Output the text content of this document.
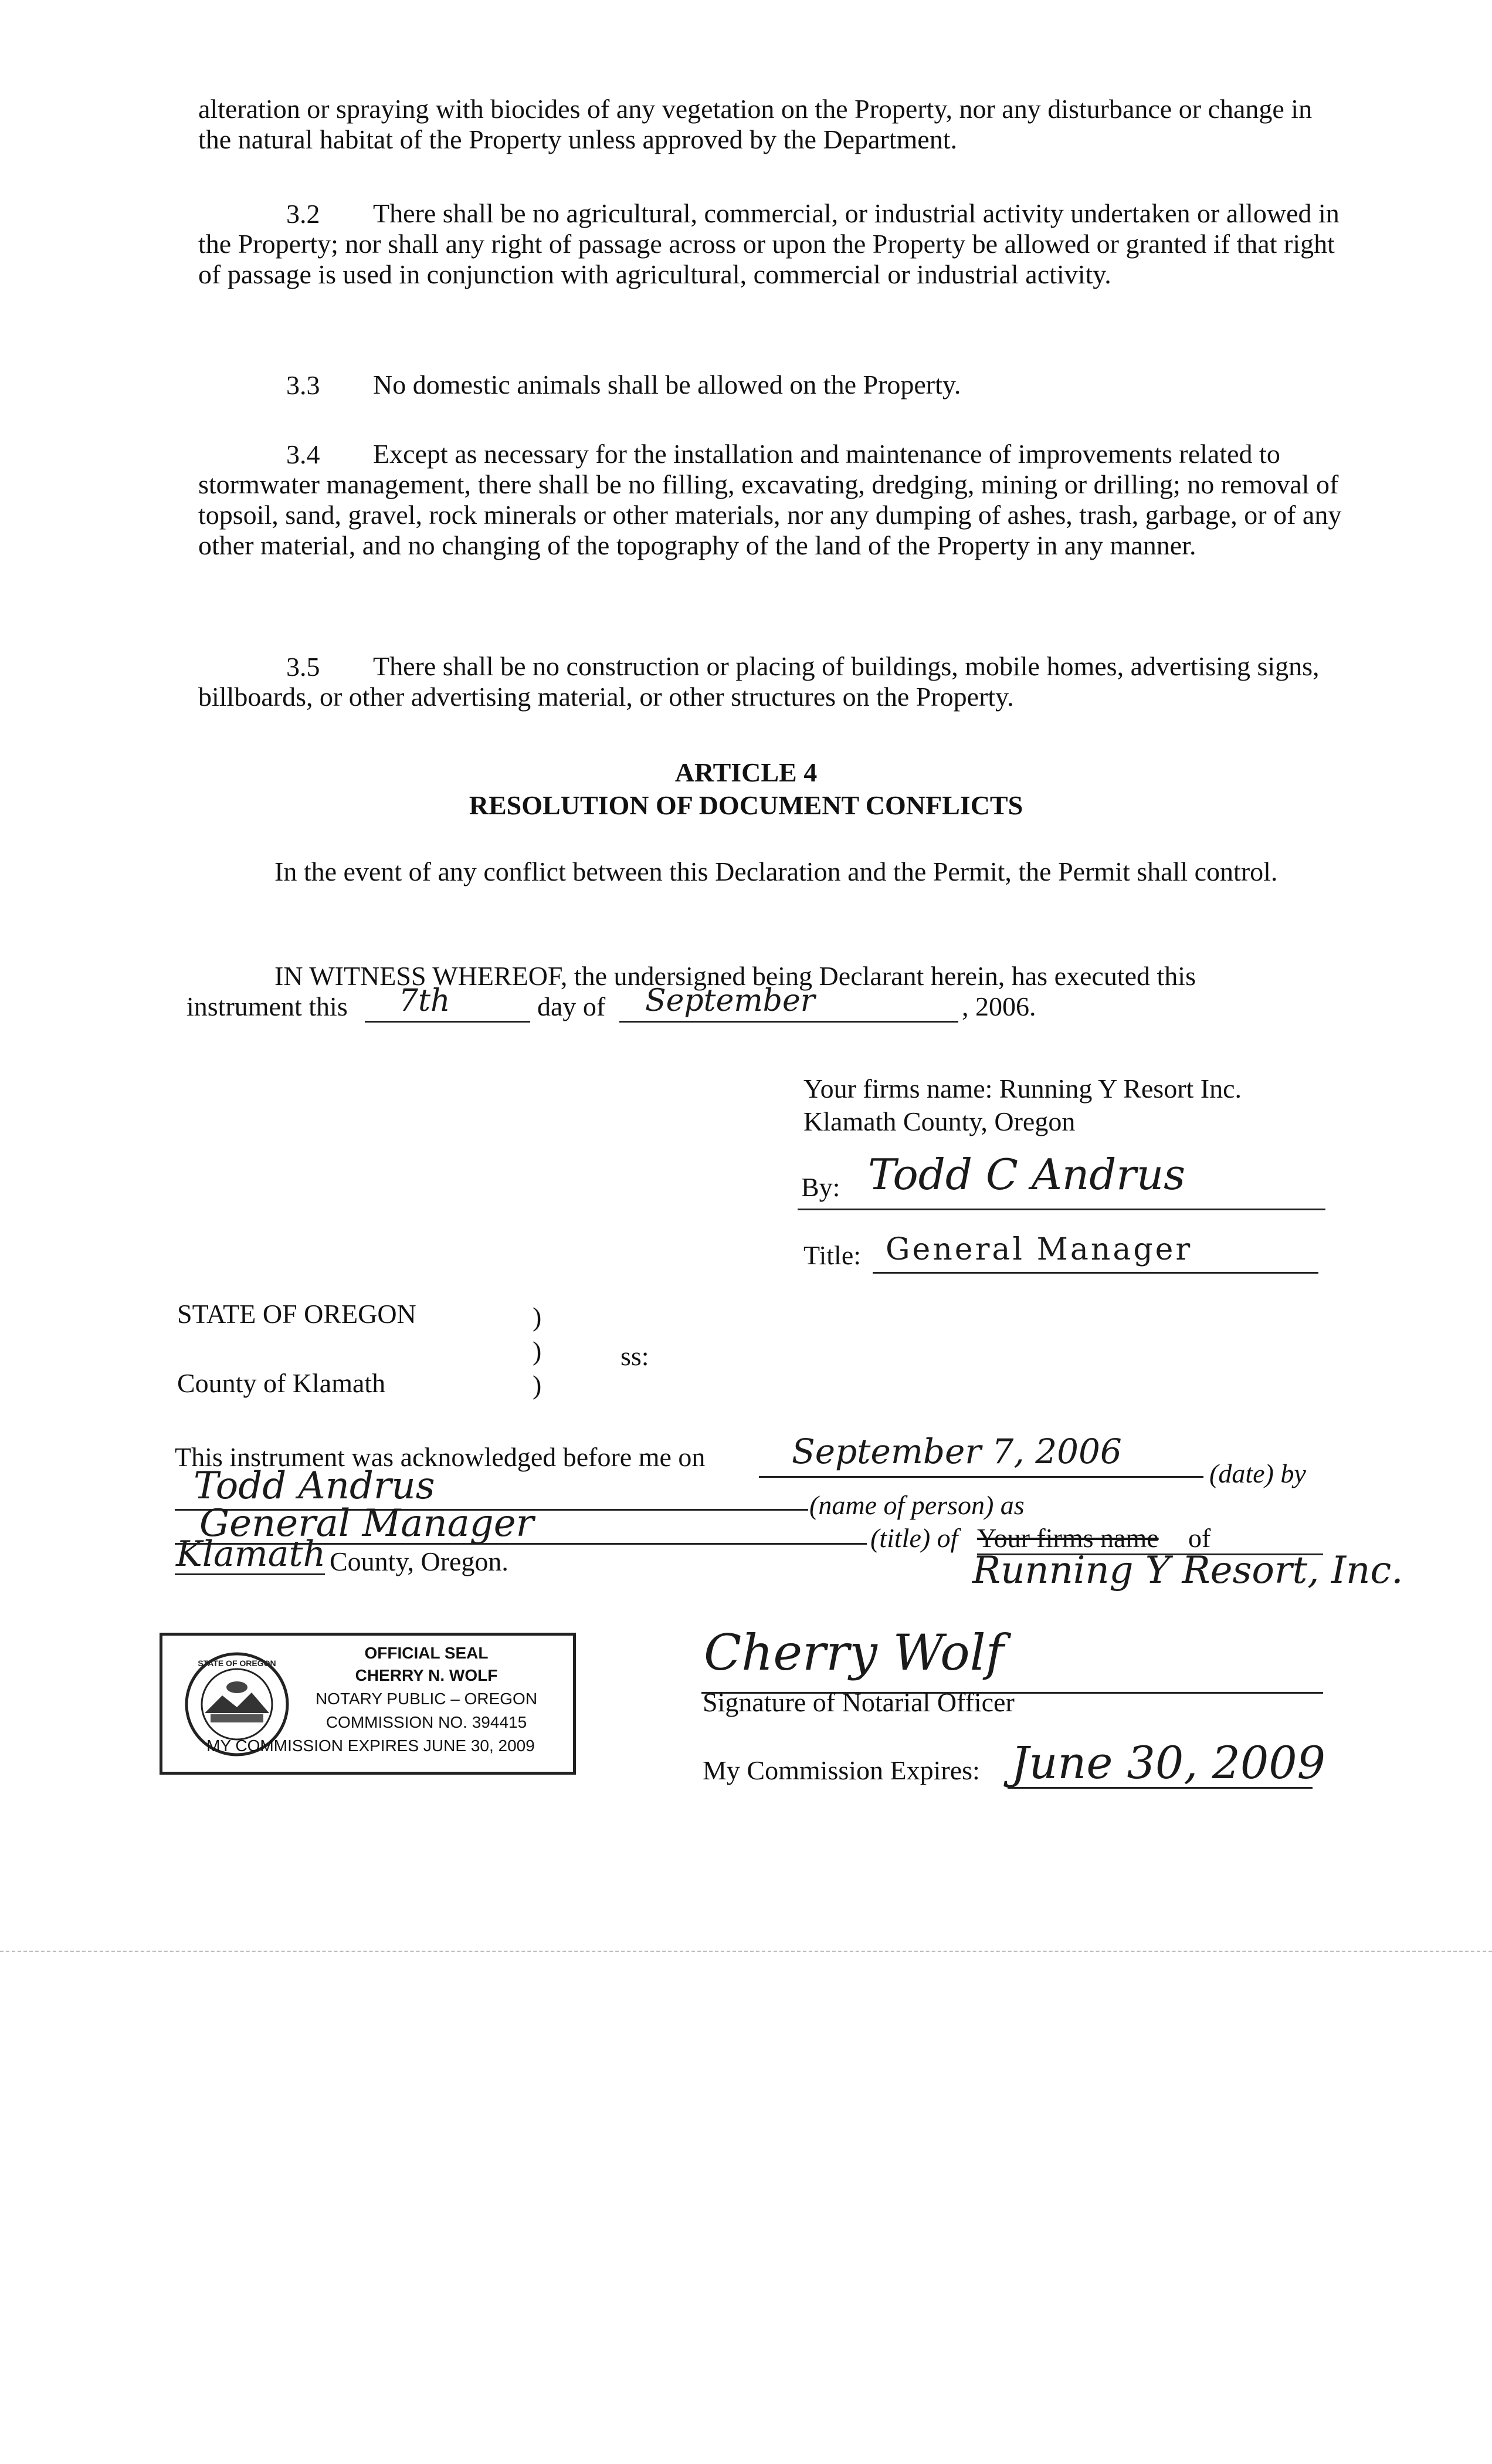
alteration or spraying with biocides of any vegetation on the Property, nor any disturbance or change in the natural habitat of the Property unless approved by the Department.
3.2	There shall be no agricultural, commercial, or industrial activity undertaken or allowed in the Property; nor shall any right of passage across or upon the Property be allowed or granted if that right of passage is used in conjunction with agricultural, commercial or industrial activity.
3.3 No domestic animals shall be allowed on the Property.
3.4	Except as necessary for the installation and maintenance of improvements related to stormwater management, there shall be no filling, excavating, dredging, mining or drilling; no removal of topsoil, sand, gravel, rock minerals or other materials, nor any dumping of ashes, trash, garbage, or of any other material, and no changing of the topography of the land of the Property in any manner.
3.5	There shall be no construction or placing of buildings, mobile homes, advertising signs, billboards, or other advertising material, or other structures on the Property.
ARTICLE 4
RESOLUTION OF DOCUMENT CONFLICTS
In the event of any conflict between this Declaration and the Permit, the Permit shall control.
IN WITNESS WHEREOF, the undersigned being Declarant herein, has executed this
instrument this 7th	day of September	, 2006.
Your firms name: Running Y Resort Inc.
Klamath County, Oregon
By: Todd C Andrus
Title: General Manager
STATE OF OREGON
County of Klamath
)
)
)
ss:
This instrument was acknowledged before me on	September 7, 2006
(date) by
Todd Andrus	(name of person) as
General Manager	(title) of Your firms name of
Running Y Resort, Inc.
Klamath County, Oregon.
STATE OF OREGON
OFFICIAL SEAL
CHERRY N. WOLF
NOTARY PUBLIC – OREGON
COMMISSION NO. 394415
MY COMMISSION EXPIRES JUNE 30, 2009
Cherry Wolf
Signature of Notarial Officer
My Commission Expires: June 30, 2009
